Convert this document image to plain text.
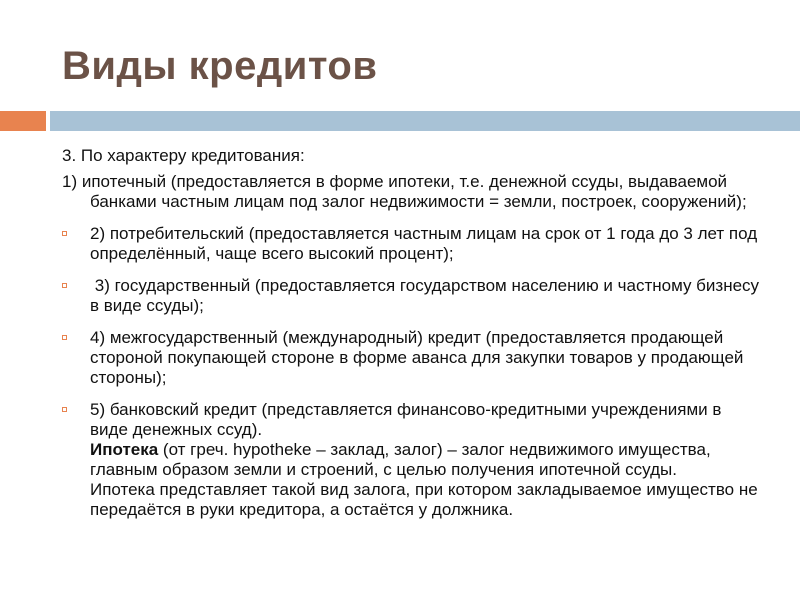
Виды кредитов

3. По характеру кредитования:

1) ипотечный (предоставляется в форме ипотеки, т.е. денежной ссуды, выдаваемой банками частным лицам под залог недвижимости = земли, построек, сооружений);
2) потребительский (предоставляется частным лицам на срок от 1 года до 3 лет под определённый, чаще всего высокий процент);
3) государственный (предоставляется государством населению и частному бизнесу в виде ссуды);
4) межгосударственный (международный) кредит (предоставляется продающей стороной покупающей стороне в форме аванса для закупки товаров у продающей стороны);
5) банковский кредит (представляется финансово-кредитными учреждениями в виде денежных ссуд).
Ипотека (от греч. hypotheke – заклад, залог) – залог недвижимого имущества, главным образом земли и строений, с целью получения ипотечной ссуды.
Ипотека представляет такой вид залога, при котором закладываемое имущество не передаётся в руки кредитора, а остаётся у должника.
